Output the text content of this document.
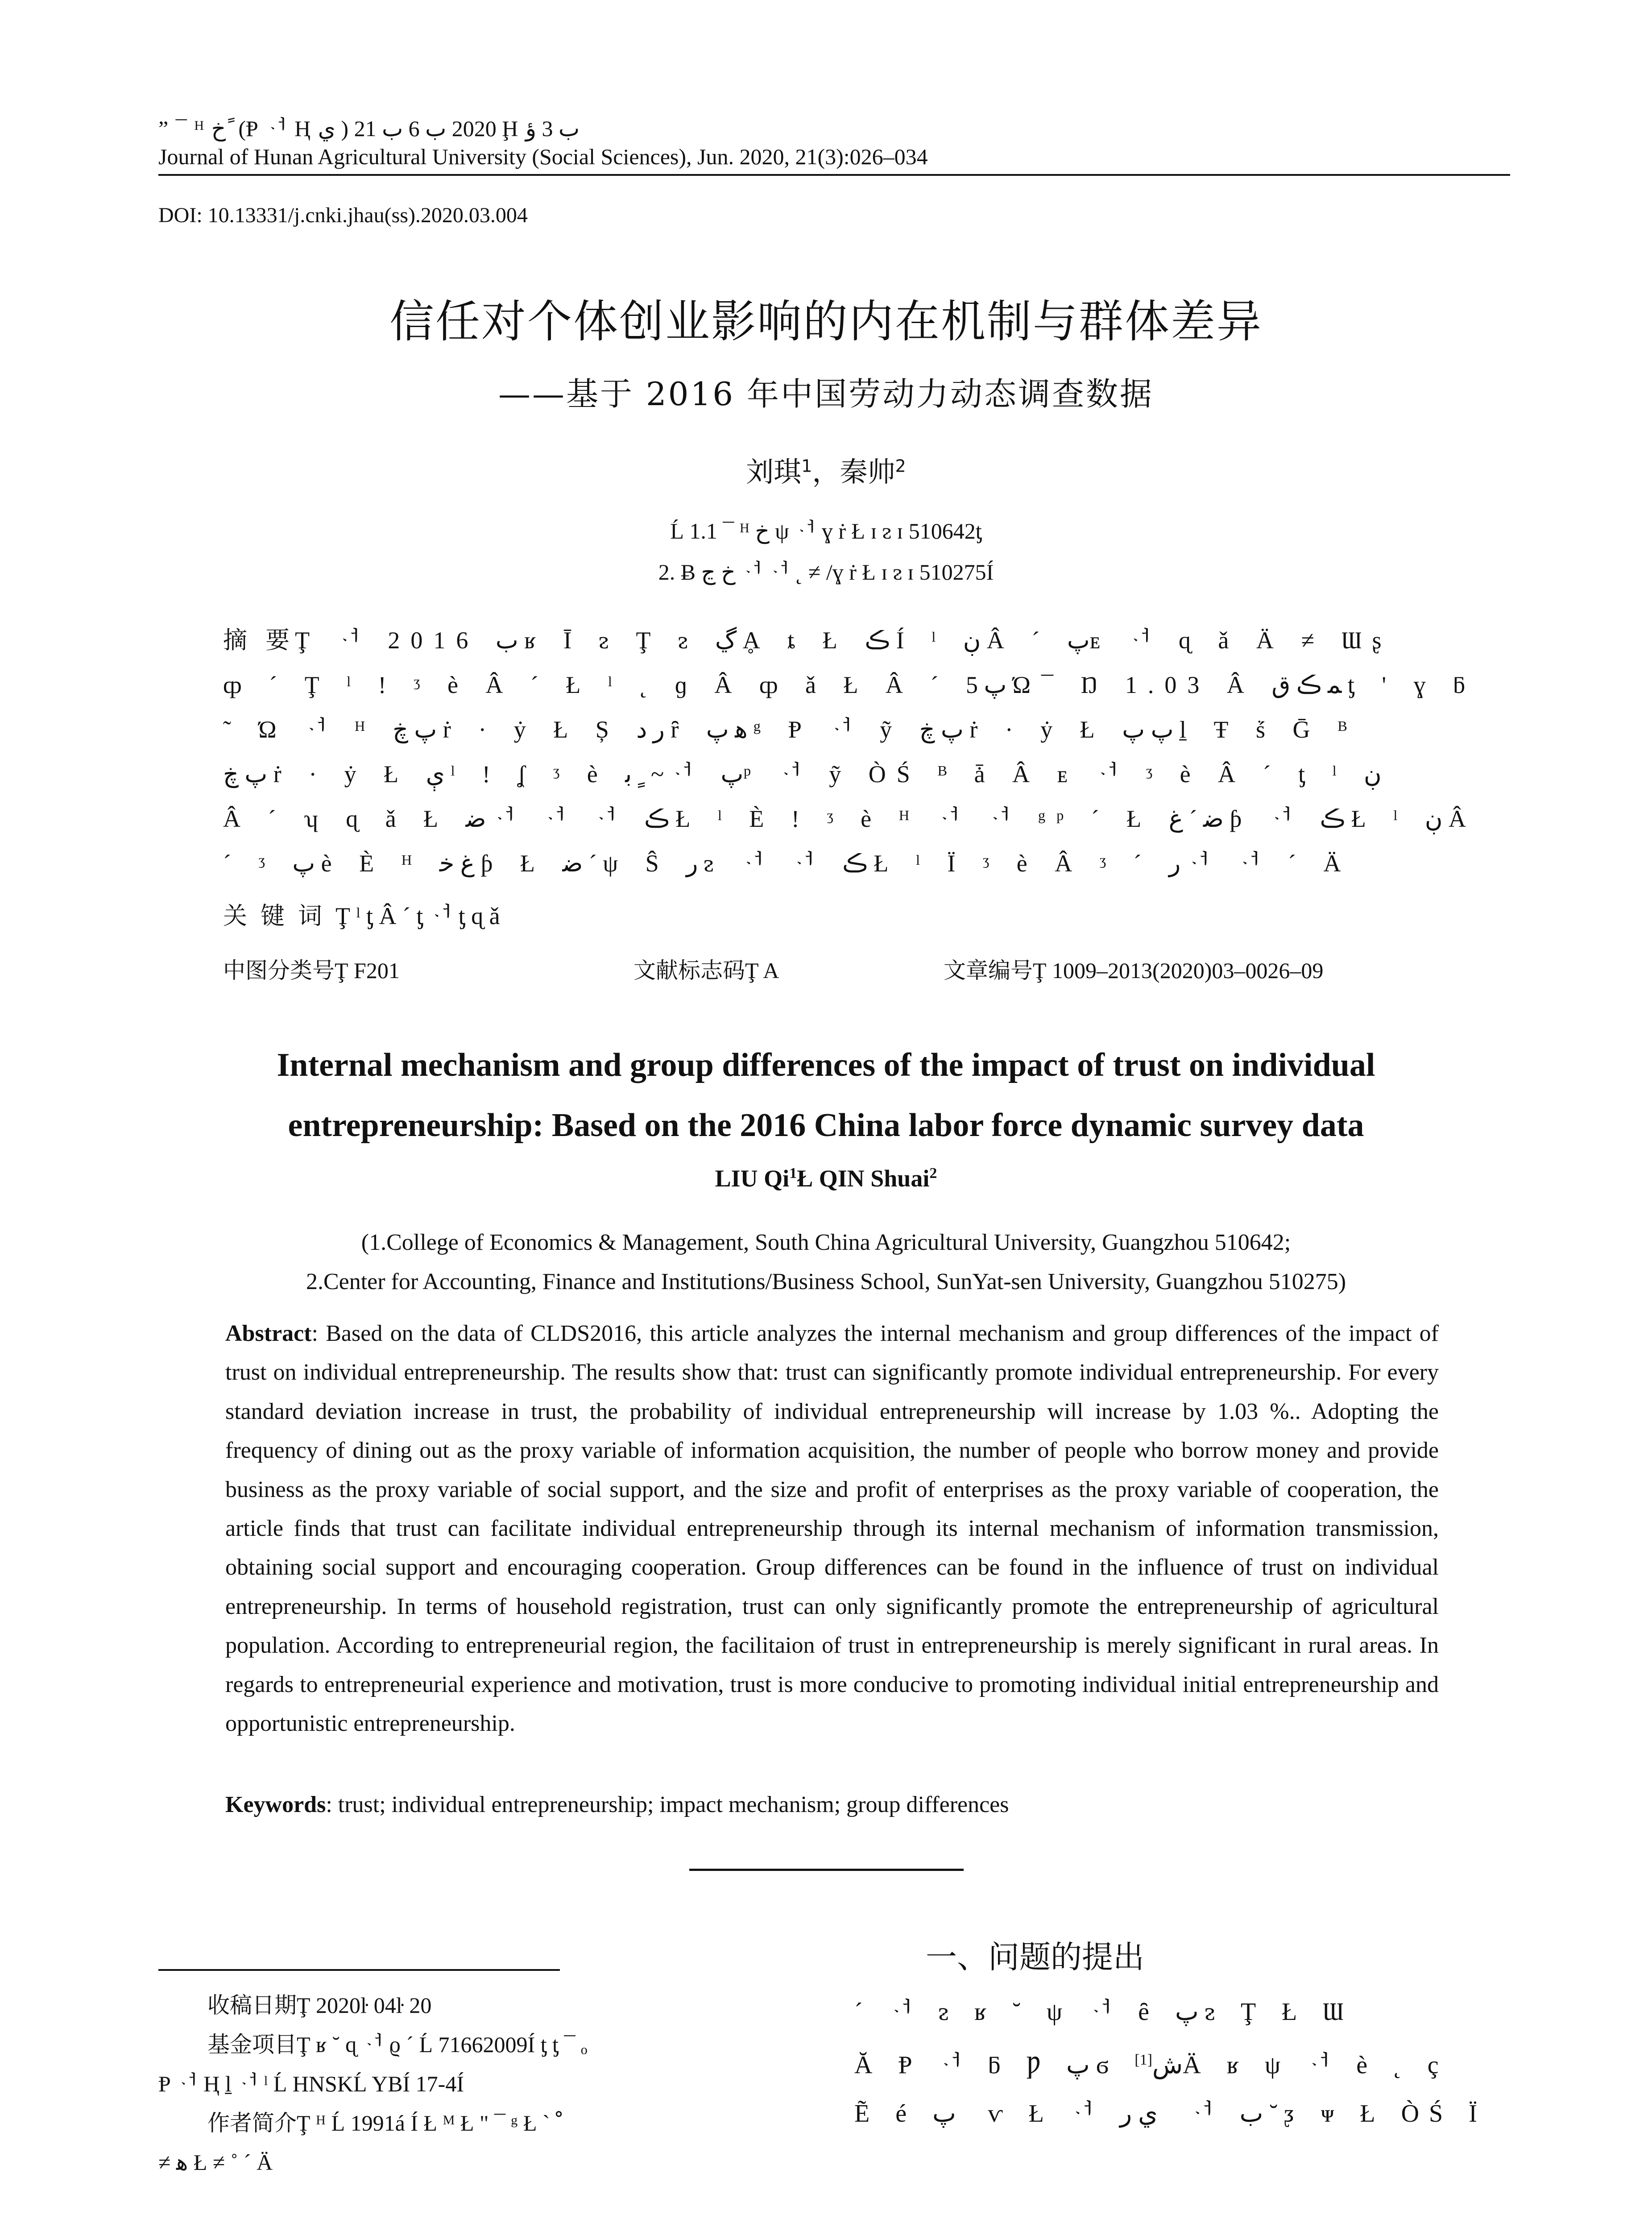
” ¯ ᴴ خ ً (Ᵽ ᆟ Ⱨ ي ) 2020 ب 6 ب 21 Ḩ ب 3 ؤ
Journal of Hunan Agricultural University (Social Sciences), Jun. 2020, 21(3):026–034
DOI: 10.13331/j.cnki.jhau(ss).2020.03.004
信任对个体创业影响的内在机制与群体差异
——基于 2016 年中国劳动力动态调查数据
刘琪$^1$，秦帅$^2$
Ĺ 1.1 ¯ ᴴ خ ψ ᆟ ɣ ṙ Ł ɪ ᴤ ɪ 510642ƫ
2. Ƀ خ ڃ ᆟ ᆟ ˛ ≠ /ɣ ṙ Ł ɪ ᴤ ɪ 510275Í
摘 要Ţ ᆟ 2016 ب ʁ Ī ᴤ Ţ ᴤ ڲ Ḁ ȶ Ł ڪ Í ˡ ڹ Â ˊ پᴇ ᆟ ɋ ǎ Ä ≠ Ɯʂ
ȹ ˊ Ţ ˡ ! ᶾ è Â ˊ Ł ˡ ˛ ɡ Â ȹ ǎ Ł Â ˊ پ 5 Ώ¯ Ŋ 1.03 Â ﻤ ڪ ﻕ ƫ ' ɣ ƃ
˜ Ώ ᆟ ᴴ پ ڿ ṙ · ẏ Ł Ș ر ﺩ ȓ ﻫ پ ᵍ Ᵽ ᆟ ỹ پ ڿ ṙ · ẏ Ł پ پ ḻ Ŧ ṥ Ḡ ᴮ
پ ڿ ṙ · ẏ Ł ې ˡ ! ʆ ᶾ è ﹴ ﺑ ~ ᆟ پᵖ ᆟ ỹ ÒŚ ᴮ ǡ Â ᴇ ᆟ ᶾ è Â ˊ ƫ ˡ ڹ
Â ˊ ʮ ɋ ǎ Ł ﺿ ᆟ ᆟ ᆟ ڪ Ł ˡ È ! ᶾ è ᴴ ᆟ ᆟ ᵍᵖ ˊ Ł ﺿ ˊ ﻍ ƥ ᆟ ڪ Ł ˡ ڹ Â
ˊ ᶾ پ è È ᴴ ﻍ ﺧ ƥ Ł ﺿ ˊ ψ Ŝ ﺭ ᴤ ᆟ ᆟ ڪ Ł ˡ Ï ᶾ è Â ᶾ ˊ ﺭ ᆟ ᆟ ˊ Ä
关键词Ţ ˡ ƫ Â ˊ ƫ ᆟ ƫ ɋ ǎ
中图分类号Ţ F201	文献标志码Ţ A	文章编号Ţ 1009–2013(2020)03–0026–09
Internal mechanism and group differences of the impact of trust on individual
entrepreneurship: Based on the 2016 China labor force dynamic survey data
LIU Qi$^1$Ł QIN Shuai$^2$
(1.College of Economics & Management, South China Agricultural University, Guangzhou 510642;
2.Center for Accounting, Finance and Institutions/Business School, SunYat-sen University, Guangzhou 510275)
Abstract: Based on the data of CLDS2016, this article analyzes the internal mechanism and group differences of the impact of trust on individual entrepreneurship. The results show that: trust can significantly promote individual entrepreneurship. For every standard deviation increase in trust, the probability of individual entrepreneurship will increase by 1.03 %.. Adopting the frequency of dining out as the proxy variable of information acquisition, the number of people who borrow money and provide business as the proxy variable of social support, and the size and profit of enterprises as the proxy variable of cooperation, the article finds that trust can facilitate individual entrepreneurship through its internal mechanism of information transmission, obtaining social support and encouraging cooperation. Group differences can be found in the influence of trust on individual entrepreneurship. In terms of household registration, trust can only significantly promote the entrepreneurship of agricultural population. According to entrepreneurial region, the facilitaion of trust in entrepreneurship is merely significant in rural areas. In regards to entrepreneurial experience and motivation, trust is more conducive to promoting individual initial entrepreneurship and opportunistic entrepreneurship.
Keywords: trust; individual entrepreneurship; impact mechanism; group differences
收稿日期Ţ 2020ŀ 04ŀ 20
基金项目Ţ ʁ ˘ ɋ ᆟ ϱ ˊ Ĺ 71662009Í ƫ ƫ ¯ ₒ
Ᵽ ᆟ Ⱨ ḻ ᆟ ˡ Ĺ HNSKĹ YBÍ 17-4Í
作者简介Ţ ᴴ Ĺ 1991á Í Ł ᴹ Ł " ¯ ᵍ Ł ˋ ﹾ
≠ ﻫ Ł ≠ ˚ ˊ Ä
一、问题的提出
ˊ ᆟ ᴤ ʁ ˘ ψ ᆟ ȇ پ ᴤ Ţ Ł Ɯ
Ă Ᵽ ᆟ ƃ Ƿ پ ϭ ﺵ[1] Ä ʁ ψ ᆟ è ˛ ç
Ẽ é پ ⃞ ⱱ Ł ᆟ ﻱ ﺭ ⃞ ᆟ ﺏ ˘ ᶚ ᴪ Ł ÒŚ Ï
